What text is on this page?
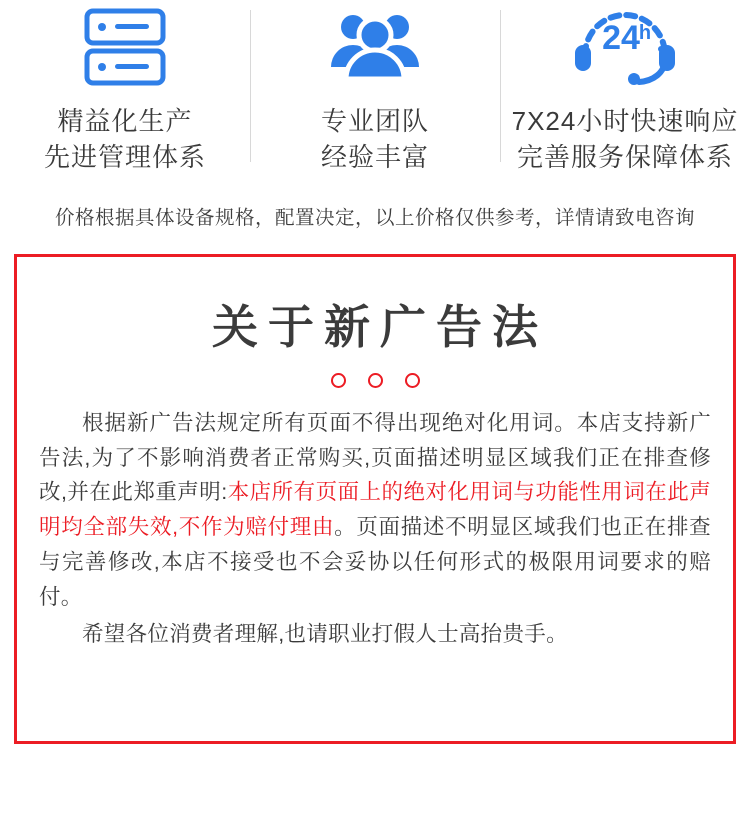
精益化生产
先进管理体系
专业团队
经验丰富
24
h
7X24小时快速响应
完善服务保障体系
价格根据具体设备规格，配置决定，以上价格仅供参考，详情请致电咨询
关于新广告法

根据新广告法规定所有页面不得出现绝对化用词。本店支持新广告法,为了不影响消费者正常购买,页面描述明显区域我们正在排查修改,并在此郑重声明:本店所有页面上的绝对化用词与功能性用词在此声明均全部失效,不作为赔付理由。页面描述不明显区域我们也正在排查与完善修改,本店不接受也不会妥协以任何形式的极限用词要求的赔付。

希望各位消费者理解,也请职业打假人士高抬贵手。
